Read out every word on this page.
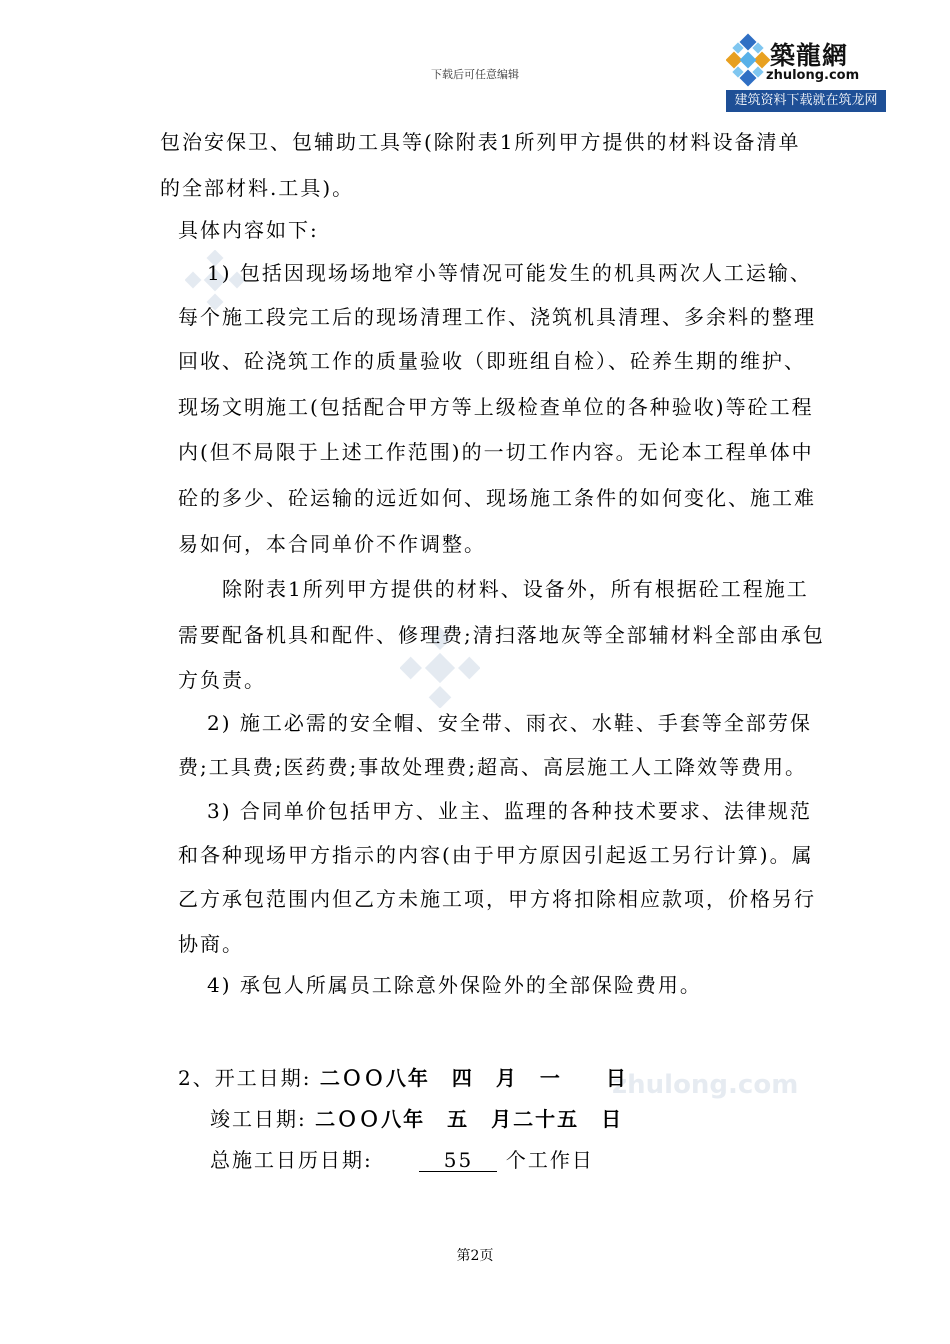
下载后可任意编辑
築龍網
zhulong.com
建筑资料下载就在筑龙网
zhulong.com
包治安保卫、包辅助工具等(除附表1所列甲方提供的材料设备清单
的全部材料.工具)。
具体内容如下:
1) 包括因现场场地窄小等情况可能发生的机具两次人工运输、
每个施工段完工后的现场清理工作、浇筑机具清理、多余料的整理
回收、砼浇筑工作的质量验收（即班组自检）、砼养生期的维护、
现场文明施工(包括配合甲方等上级检查单位的各种验收)等砼工程
内(但不局限于上述工作范围)的一切工作内容。无论本工程单体中
砼的多少、砼运输的远近如何、现场施工条件的如何变化、施工难
易如何，本合同单价不作调整。
除附表1所列甲方提供的材料、设备外，所有根据砼工程施工
需要配备机具和配件、修理费;清扫落地灰等全部辅材料全部由承包
方负责。
2) 施工必需的安全帽、安全带、雨衣、水鞋、手套等全部劳保
费;工具费;医药费;事故处理费;超高、高层施工人工降效等费用。
3) 合同单价包括甲方、业主、监理的各种技术要求、法律规范
和各种现场甲方指示的内容(由于甲方原因引起返工另行计算)。属
乙方承包范围内但乙方未施工项，甲方将扣除相应款项，价格另行
协商。
4) 承包人所属员工除意外保险外的全部保险费用。
2、开工日期: 二ＯＯ八年　四　月　一　　日
竣工日期: 二ＯＯ八年　五　月二十五　日
总施工日历日期:	55 个工作日
第2页
